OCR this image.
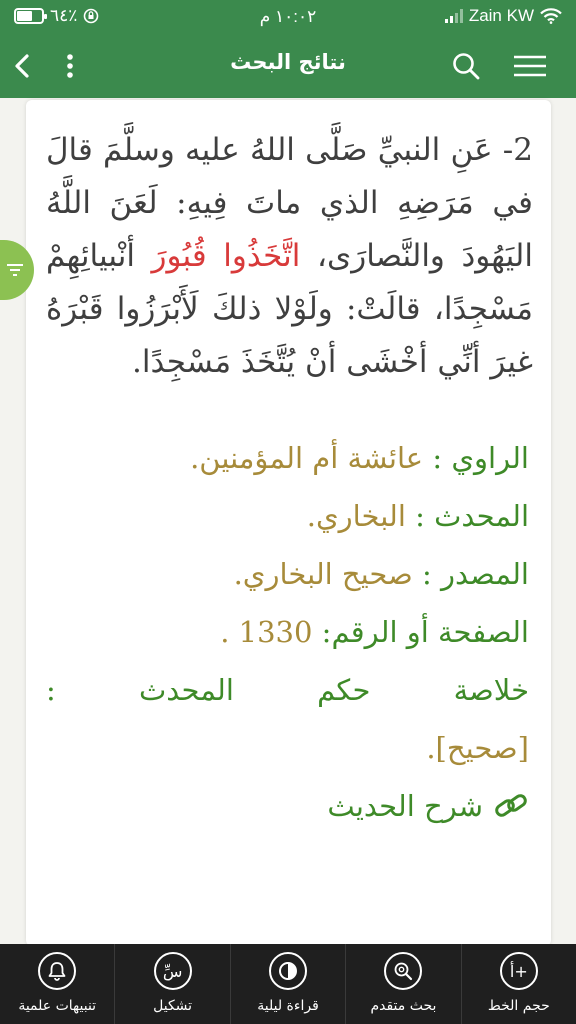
٦٤٪	١٠:٠٢ م	Zain KW
نتائج البحث
2- عَنِ النبيِّ صَلَّى اللهُ عليه وسلَّمَ قالَ في مَرَضِهِ الذي ماتَ فِيهِ: لَعَنَ اللَّهُ اليَهُودَ والنَّصارَى، اتَّخَذُوا قُبُورَ أنْبيائِهِمْ مَسْجِدًا، قالَتْ: ولَوْلا ذلكَ لَأَبْرَزُوا قَبْرَهُ غيرَ أنِّي أخْشَى أنْ يُتَّخَذَ مَسْجِدًا.
الراوي : عائشة أم المؤمنين.
المحدث : البخاري.
المصدر : صحيح البخاري.
الصفحة أو الرقم: 1330 .
خلاصة
حكم
المحدث
:
[صحيح].
شرح الحديث
تنبيهات علمية
سِّ
تشكيل	قراءة ليلية	بحث متقدم
أ+
حجم الخط
